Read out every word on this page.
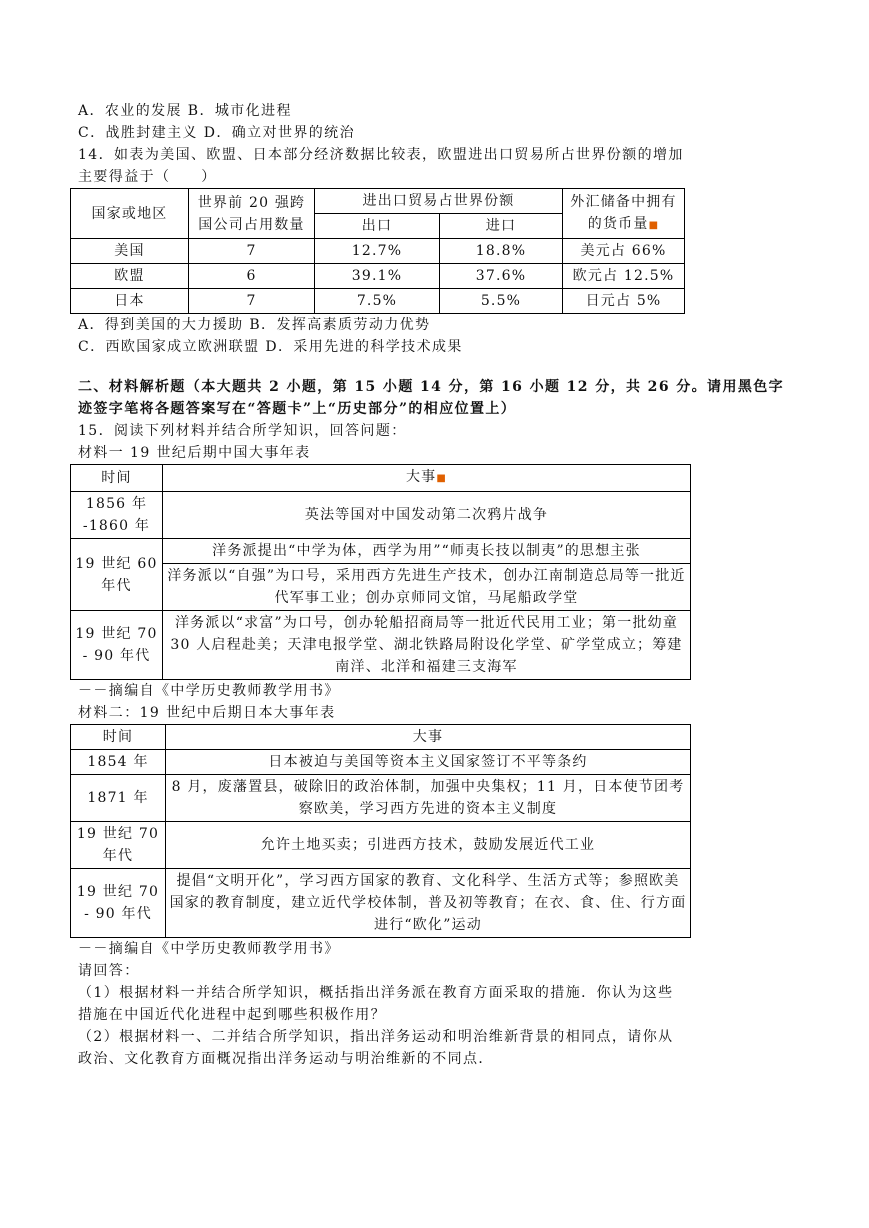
A．农业的发展 B．城市化进程
C．战胜封建主义 D．确立对世界的统治
14．如表为美国、欧盟、日本部分经济数据比较表，欧盟进出口贸易所占世界份额的增加
主要得益于（　　）
国家或地区	世界前 20 强跨国公司占用数量	进出口贸易占世界份额		外汇储备中拥有的货币量■
		出口	进口	
美国	7	12.7%	18.8%	美元占 66%
欧盟	6	39.1%	37.6%	欧元占 12.5%
日本	7	7.5%	5.5%	日元占 5%
A．得到美国的大力援助 B．发挥高素质劳动力优势
C．西欧国家成立欧洲联盟 D．采用先进的科学技术成果
二、材料解析题（本大题共 2 小题，第 15 小题 14 分，第 16 小题 12 分，共 26 分。请用黑色字迹签字笔将各题答案写在“答题卡”上“历史部分”的相应位置上）
15．阅读下列材料并结合所学知识，回答问题：
材料一 19 世纪后期中国大事年表
时间	大事■
1856 年 -1860 年	英法等国对中国发动第二次鸦片战争
19 世纪 60 年代	洋务派提出“中学为体，西学为用”“师夷长技以制夷”的思想主张
	洋务派以“自强”为口号，采用西方先进生产技术，创办江南制造总局等一批近代军事工业；创办京师同文馆，马尾船政学堂
19 世纪 70 - 90 年代	洋务派以“求富”为口号，创办轮船招商局等一批近代民用工业；第一批幼童 30 人启程赴美；天津电报学堂、湖北铁路局附设化学堂、矿学堂成立；筹建南洋、北洋和福建三支海军
－－摘编自《中学历史教师教学用书》
材料二：19 世纪中后期日本大事年表
时间	大事
1854 年	日本被迫与美国等资本主义国家签订不平等条约
1871 年	8 月，废藩置县，破除旧的政治体制，加强中央集权；11 月，日本使节团考察欧美，学习西方先进的资本主义制度
19 世纪 70 年代	允许土地买卖；引进西方技术，鼓励发展近代工业
19 世纪 70 - 90 年代	提倡“文明开化”，学习西方国家的教育、文化科学、生活方式等；参照欧美国家的教育制度，建立近代学校体制，普及初等教育；在衣、食、住、行方面进行“欧化”运动
－－摘编自《中学历史教师教学用书》
请回答：
（1）根据材料一并结合所学知识，概括指出洋务派在教育方面采取的措施．你认为这些
措施在中国近代化进程中起到哪些积极作用？
（2）根据材料一、二并结合所学知识，指出洋务运动和明治维新背景的相同点，请你从
政治、文化教育方面概况指出洋务运动与明治维新的不同点．
